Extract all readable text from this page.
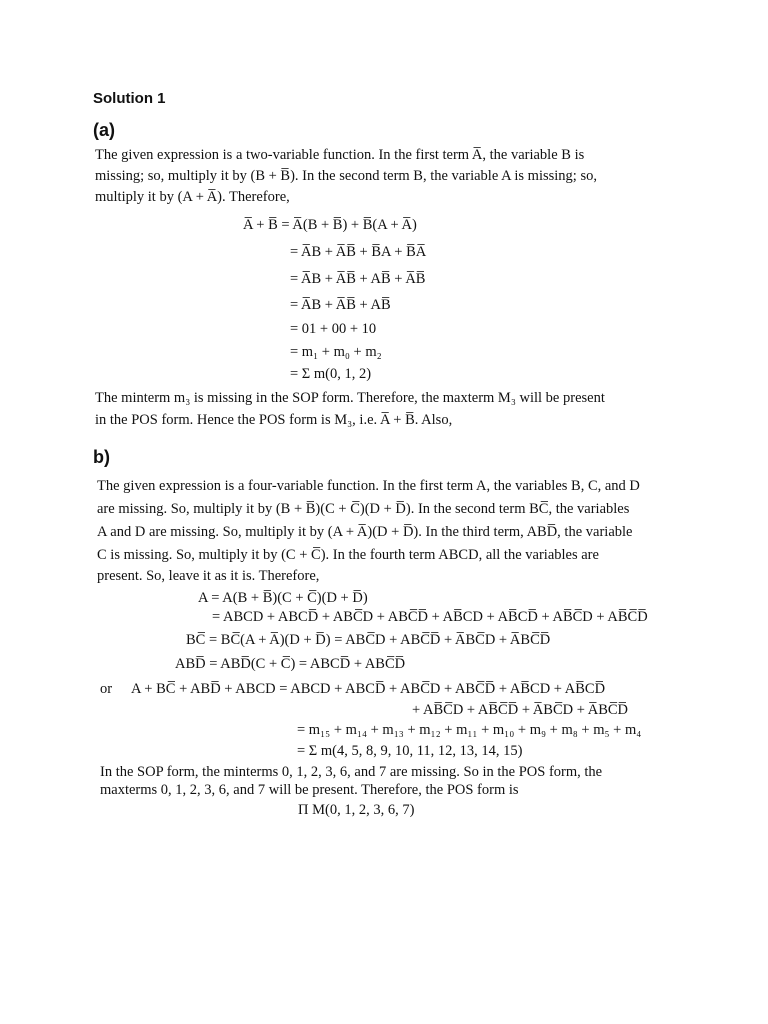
Solution 1
(a)
The given expression is a two-variable function. In the first term A̅, the variable B is
missing; so, multiply it by (B + B̅). In the second term B, the variable A is missing; so,
multiply it by (A + A̅). Therefore,
A̅ + B̅ = A̅(B + B̅) + B̅(A + A̅)
= A̅B + A̅B̅ + B̅A + B̅A̅
= A̅B + A̅B̅ + AB̅ + A̅B̅
= A̅B + A̅B̅ + AB̅
= 01 + 00 + 10
= m₁ + m₀ + m₂
= Σ m(0, 1, 2)
The minterm m₃ is missing in the SOP form. Therefore, the maxterm M₃ will be present
in the POS form. Hence the POS form is M₃, i.e. A̅ + B̅. Also,
b)
The given expression is a four-variable function. In the first term A, the variables B, C, and D
are missing. So, multiply it by (B + B̅)(C + C̅)(D + D̅). In the second term BC̅, the variables
A and D are missing. So, multiply it by (A + A̅)(D + D̅). In the third term, ABD̅, the variable
C is missing. So, multiply it by (C + C̅). In the fourth term ABCD, all the variables are
present. So, leave it as it is. Therefore,
A = A(B + B̅)(C + C̅)(D + D̅)
= ABCD + ABCD̅ + ABC̅D + ABC̅D̅ + AB̅CD + AB̅CD̅ + AB̅C̅D + AB̅C̅D̅
BC̅ = BC̅(A + A̅)(D + D̅) = ABC̅D + ABC̅D̅ + A̅BC̅D + A̅BC̅D̅
ABD̅ = ABD̅(C + C̅) = ABCD̅ + ABC̅D̅
or A + BC̅ + ABD̅ + ABCD = ABCD + ABCD̅ + ABC̅D + ABC̅D̅ + AB̅CD + AB̅CD̅
+ AB̅C̅D + AB̅C̅D̅ + A̅BC̅D + A̅BC̅D̅
= m₁₅ + m₁₄ + m₁₃ + m₁₂ + m₁₁ + m₁₀ + m₉ + m₈ + m₅ + m₄
= Σ m(4, 5, 8, 9, 10, 11, 12, 13, 14, 15)
In the SOP form, the minterms 0, 1, 2, 3, 6, and 7 are missing. So in the POS form, the
maxterms 0, 1, 2, 3, 6, and 7 will be present. Therefore, the POS form is
Π M(0, 1, 2, 3, 6, 7)
